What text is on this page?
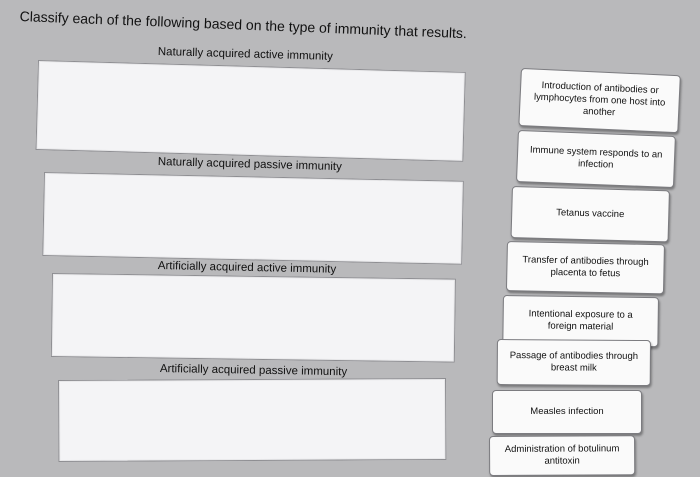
Classify each of the following based on the type of immunity that results.
Naturally acquired active immunity
Naturally acquired passive immunity
Artificially acquired active immunity
Artificially acquired passive immunity
Introduction of antibodies or lymphocytes from one host into another
Immune system responds to an infection
Tetanus vaccine
Transfer of antibodies through placenta to fetus
Intentional exposure to a foreign material
Passage of antibodies through breast milk
Measles infection
Administration of botulinum antitoxin
